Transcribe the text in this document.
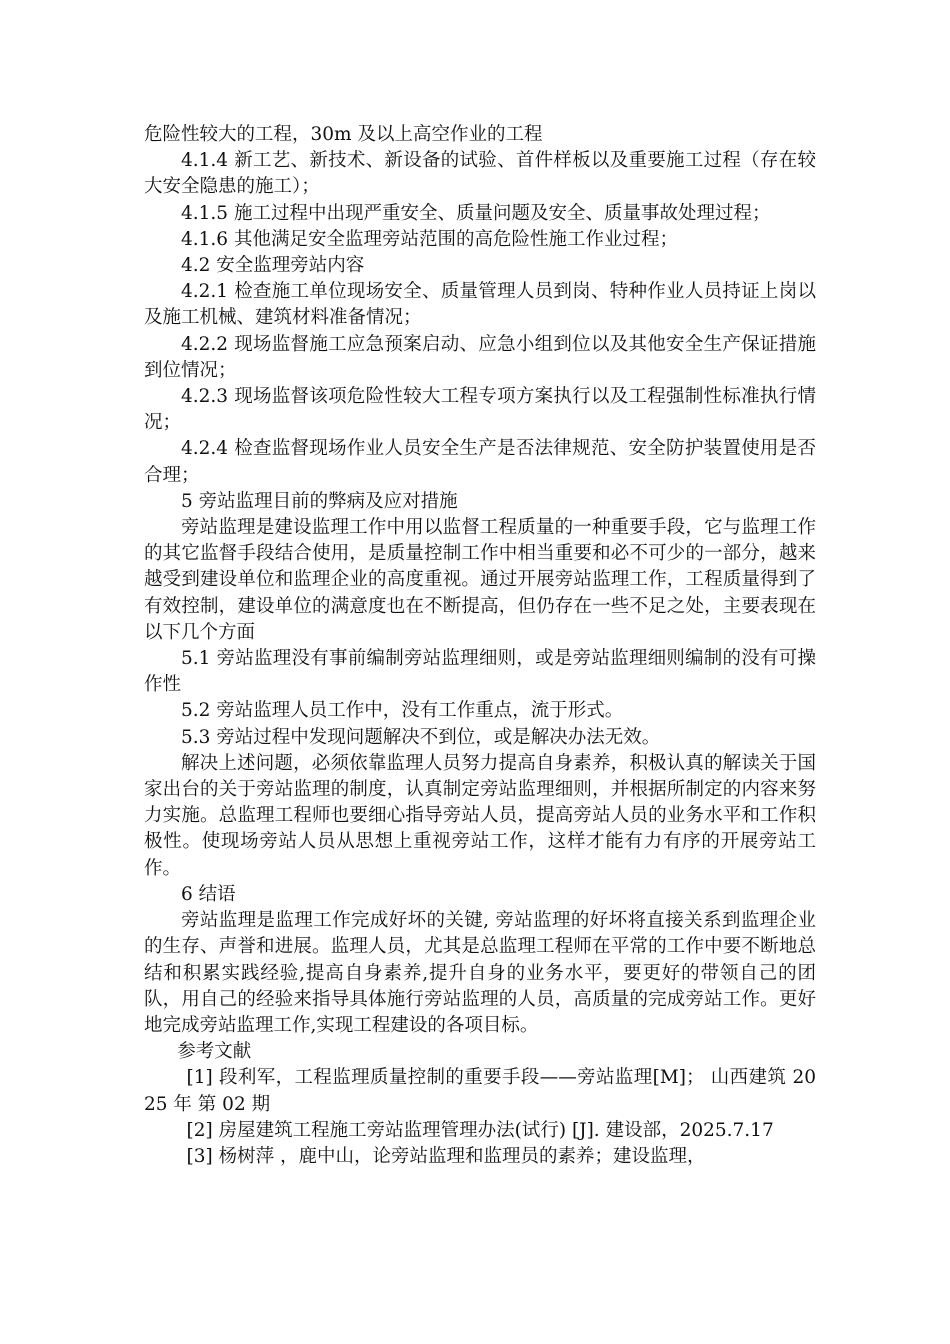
危险性较大的工程，30m 及以上高空作业的工程

4.1.4 新工艺、新技术、新设备的试验、首件样板以及重要施工过程（存在较大安全隐患的施工）；

4.1.5 施工过程中出现严重安全、质量问题及安全、质量事故处理过程；

4.1.6 其他满足安全监理旁站范围的高危险性施工作业过程；

4.2 安全监理旁站内容

4.2.1 检查施工单位现场安全、质量管理人员到岗、特种作业人员持证上岗以及施工机械、建筑材料准备情况；

4.2.2 现场监督施工应急预案启动、应急小组到位以及其他安全生产保证措施到位情况；

4.2.3 现场监督该项危险性较大工程专项方案执行以及工程强制性标准执行情况；

4.2.4 检查监督现场作业人员安全生产是否法律规范、安全防护装置使用是否合理；

5 旁站监理目前的弊病及应对措施

旁站监理是建设监理工作中用以监督工程质量的一种重要手段，它与监理工作的其它监督手段结合使用，是质量控制工作中相当重要和必不可少的一部分，越来越受到建设单位和监理企业的高度重视。通过开展旁站监理工作，工程质量得到了有效控制，建设单位的满意度也在不断提高，但仍存在一些不足之处，主要表现在以下几个方面

5.1 旁站监理没有事前编制旁站监理细则，或是旁站监理细则编制的没有可操作性

5.2 旁站监理人员工作中，没有工作重点，流于形式。

5.3 旁站过程中发现问题解决不到位，或是解决办法无效。

解决上述问题，必须依靠监理人员努力提高自身素养，积极认真的解读关于国家出台的关于旁站监理的制度，认真制定旁站监理细则，并根据所制定的内容来努力实施。总监理工程师也要细心指导旁站人员，提高旁站人员的业务水平和工作积极性。使现场旁站人员从思想上重视旁站工作，这样才能有力有序的开展旁站工作。

6 结语

旁站监理是监理工作完成好坏的关键, 旁站监理的好坏将直接关系到监理企业的生存、声誉和进展。监理人员，尤其是总监理工程师在平常的工作中要不断地总结和积累实践经验,提高自身素养,提升自身的业务水平，要更好的带领自己的团队，用自己的经验来指导具体施行旁站监理的人员，高质量的完成旁站工作。更好地完成旁站监理工作,实现工程建设的各项目标。

参考文献

[1] 段利军，工程监理质量控制的重要手段——旁站监理[M]； 山西建筑 2025 年 第 02 期

[2] 房屋建筑工程施工旁站监理管理办法(试行) [J]. 建设部，2025.7.17

[3] 杨树萍 ，鹿中山，论旁站监理和监理员的素养；建设监理，
